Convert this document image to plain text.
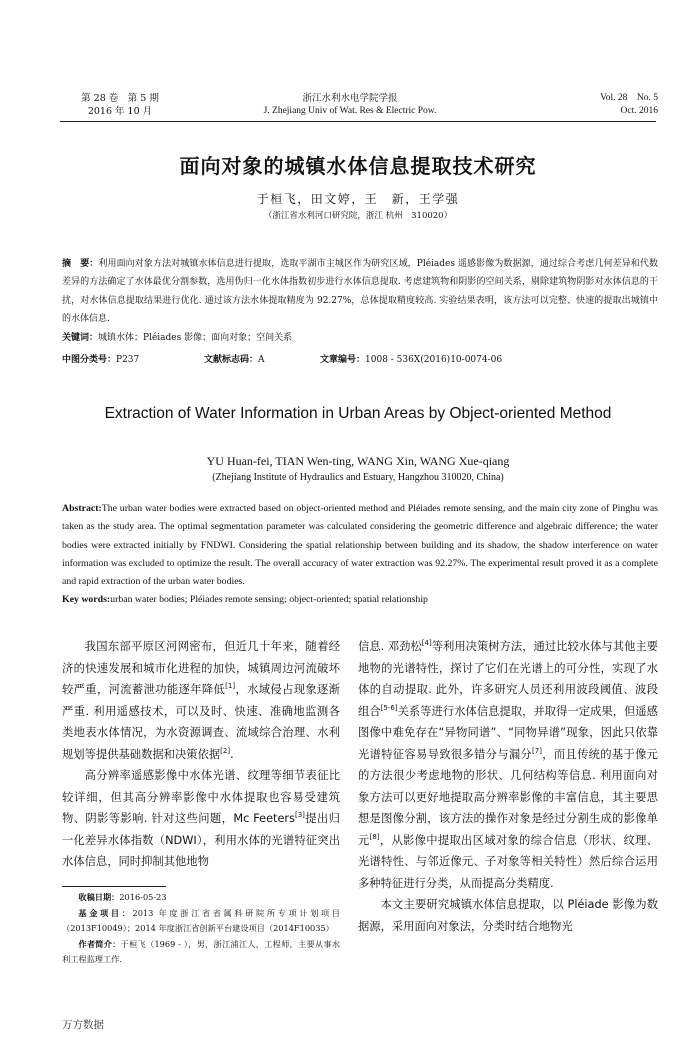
第 28 卷　第 5 期
2016 年 10 月
浙江水利水电学院学报
J. Zhejiang Univ of Wat. Res & Electric Pow.
Vol. 28　No. 5
Oct. 2016
面向对象的城镇水体信息提取技术研究
于桓飞，田文婷，王　新，王学强
（浙江省水利河口研究院，浙江 杭州　310020）
摘　要：利用面向对象方法对城镇水体信息进行提取，选取平湖市主城区作为研究区域，Pléiades 遥感影像为数据源，通过综合考虑几何差异和代数差异的方法确定了水体最优分割参数，选用伪归一化水体指数初步进行水体信息提取. 考虑建筑物和阴影的空间关系，剔除建筑物阴影对水体信息的干扰，对水体信息提取结果进行优化. 通过该方法水体提取精度为 92.27%，总体提取精度较高. 实验结果表明，该方法可以完整、快速的提取出城镇中的水体信息.
关键词：城镇水体；Pléiades 影像；面向对象；空间关系
中图分类号：P237	文献标志码：A	文章编号：1008 - 536X(2016)10-0074-06
Extraction of Water Information in Urban Areas by Object-oriented Method
YU Huan-fei, TIAN Wen-ting, WANG Xin, WANG Xue-qiang
(Zhejiang Institute of Hydraulics and Estuary, Hangzhou 310020, China)
Abstract:The urban water bodies were extracted based on object-oriented method and Pléiades remote sensing, and the main city zone of Pinghu was taken as the study area. The optimal segmentation parameter was calculated considering the geometric difference and algebraic difference; the water bodies were extracted initially by FNDWI. Considering the spatial relationship between building and its shadow, the shadow interference on water information was excluded to optimize the result. The overall accuracy of water extraction was 92.27%. The experimental result proved it as a complete and rapid extraction of the urban water bodies.
Key words:urban water bodies; Pléiades remote sensing; object-oriented; spatial relationship

我国东部平原区河网密布，但近几十年来，随着经济的快速发展和城市化进程的加快，城镇周边河流破坏较严重，河流蓄泄功能逐年降低[1]，水域侵占现象逐渐严重. 利用遥感技术，可以及时、快速、准确地监测各类地表水体情况，为水资源调查、流域综合治理、水利规划等提供基础数据和决策依据[2].

高分辨率遥感影像中水体光谱、纹理等细节表征比较详细，但其高分辨率影像中水体提取也容易受建筑物、阴影等影响. 针对这些问题，Mc Feeters[3]提出归一化差异水体指数（NDWI），利用水体的光谱特征突出水体信息，同时抑制其他地物

收稿日期：2016-05-23
基金项目：2013 年度浙江省省属科研院所专项计划项目（2013F10049）；2014 年度浙江省创新平台建设项目（2014F10035）
作者简介：于桓飞（1969 - ），男，浙江浦江人，工程师，主要从事水利工程监理工作.

信息. 邓劲松[4]等利用决策树方法，通过比较水体与其他主要地物的光谱特性，探讨了它们在光谱上的可分性，实现了水体的自动提取. 此外，许多研究人员还利用波段阈值、波段组合[5-6]关系等进行水体信息提取，并取得一定成果，但遥感图像中难免存在“异物同谱”、“同物异谱”现象，因此只依靠光谱特征容易导致很多错分与漏分[7]，而且传统的基于像元的方法很少考虑地物的形状、几何结构等信息. 利用面向对象方法可以更好地提取高分辨率影像的丰富信息，其主要思想是图像分割，该方法的操作对象是经过分割生成的影像单元[8]，从影像中提取出区域对象的综合信息（形状、纹理、光谱特性、与邻近像元、子对象等相关特性）然后综合运用多种特征进行分类，从而提高分类精度.

本文主要研究城镇水体信息提取，以 Pléiade 影像为数据源，采用面向对象法，分类时结合地物光

万方数据
